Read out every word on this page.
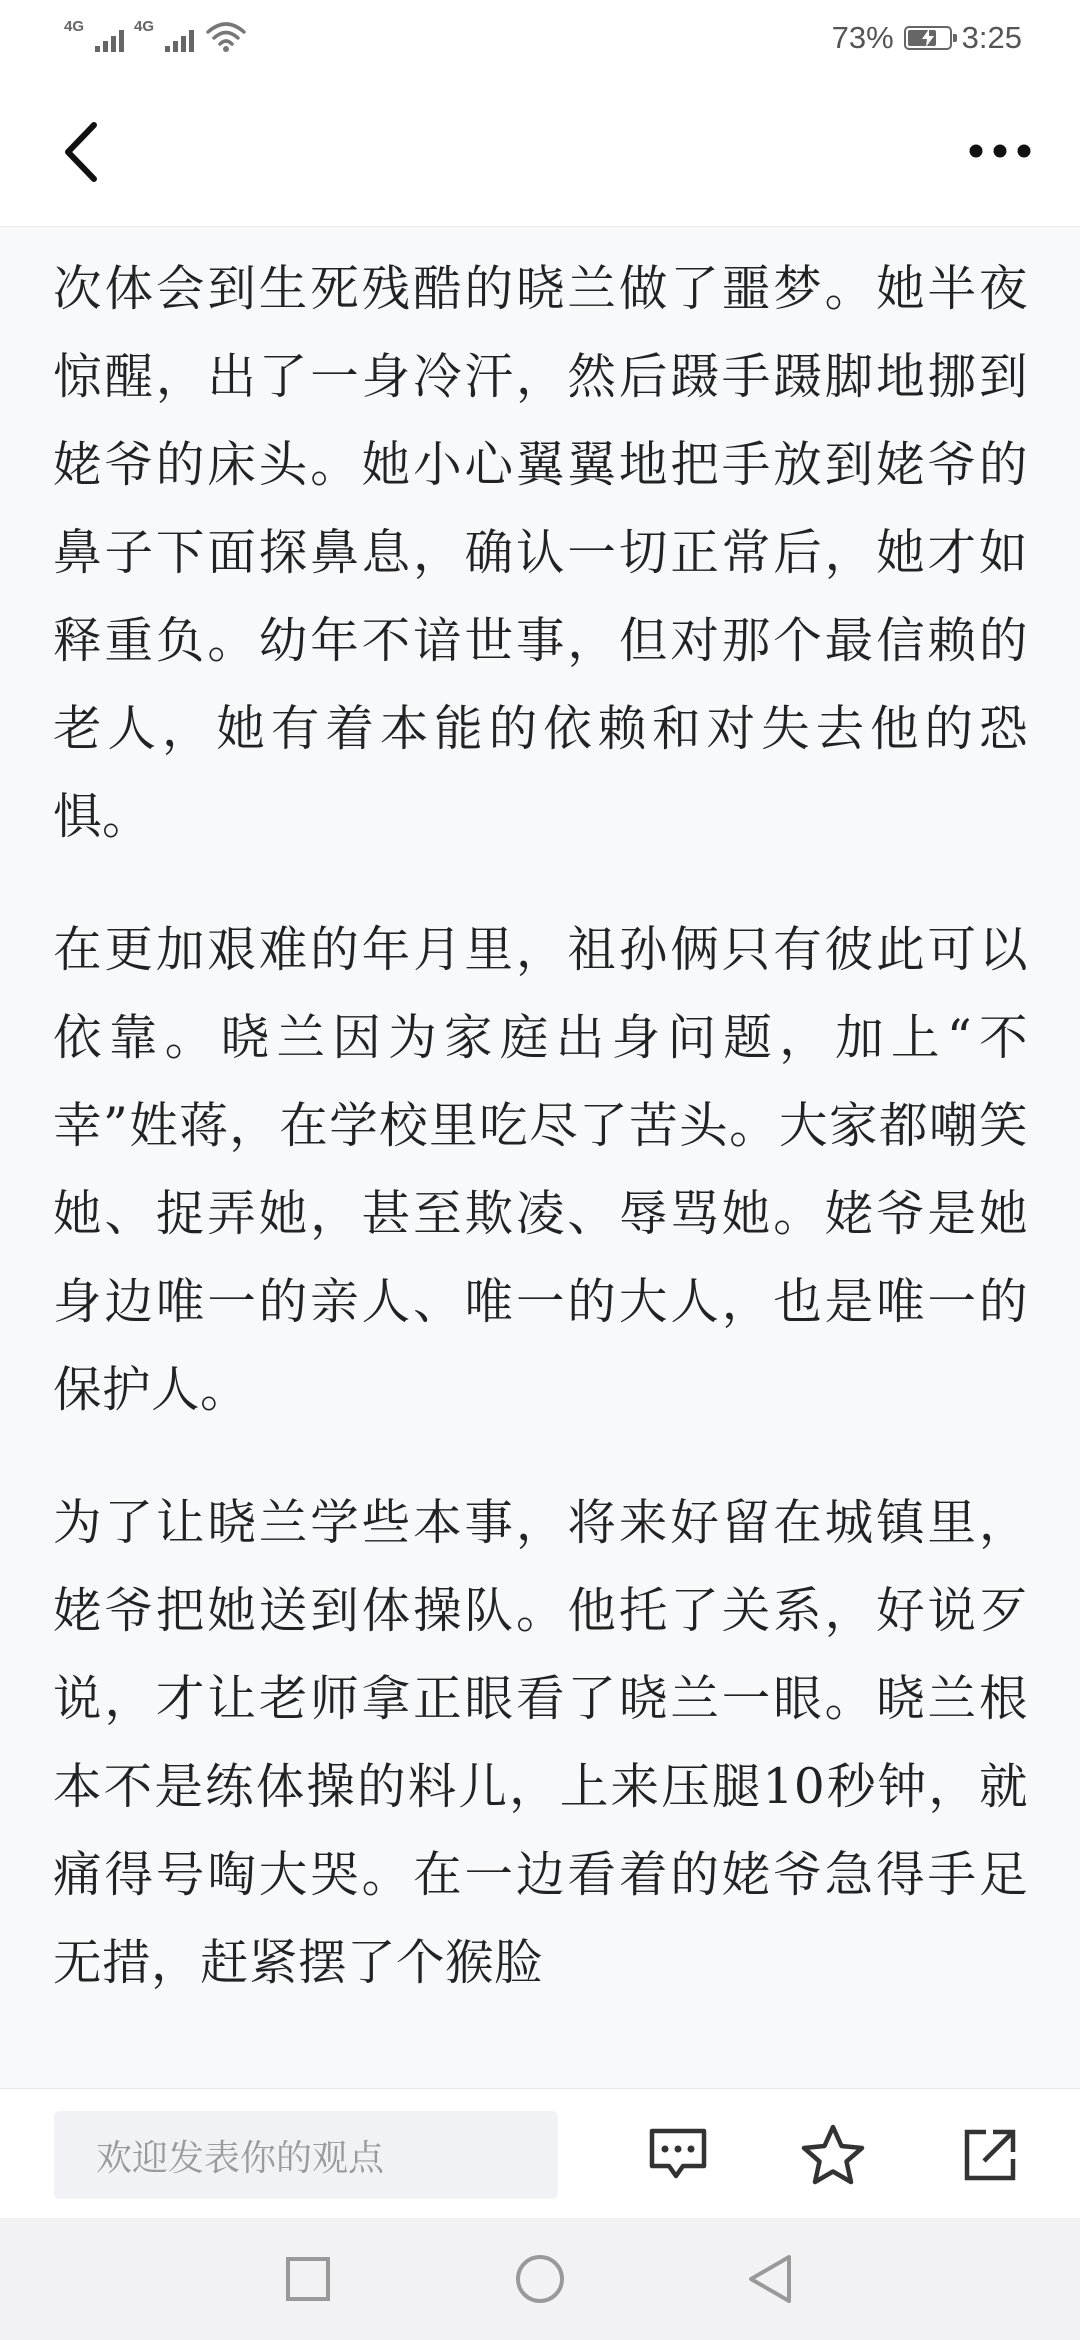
4G	4G	73% 3:25

次体会到生死残酷的晓兰做了噩梦。她半夜惊醒，出了一身冷汗，然后蹑手蹑脚地挪到姥爷的床头。她小心翼翼地把手放到姥爷的鼻子下面探鼻息，确认一切正常后，她才如释重负。幼年不谙世事，但对那个最信赖的老人，她有着本能的依赖和对失去他的恐惧。

在更加艰难的年月里，祖孙俩只有彼此可以依靠。晓兰因为家庭出身问题，加上“不幸”姓蒋，在学校里吃尽了苦头。大家都嘲笑她、捉弄她，甚至欺凌、辱骂她。姥爷是她身边唯一的亲人、唯一的大人，也是唯一的保护人。

为了让晓兰学些本事，将来好留在城镇里，姥爷把她送到体操队。他托了关系，好说歹说，才让老师拿正眼看了晓兰一眼。晓兰根本不是练体操的料儿，上来压腿10秒钟，就痛得号啕大哭。在一边看着的姥爷急得手足无措，赶紧摆了个猴脸

欢迎发表你的观点
